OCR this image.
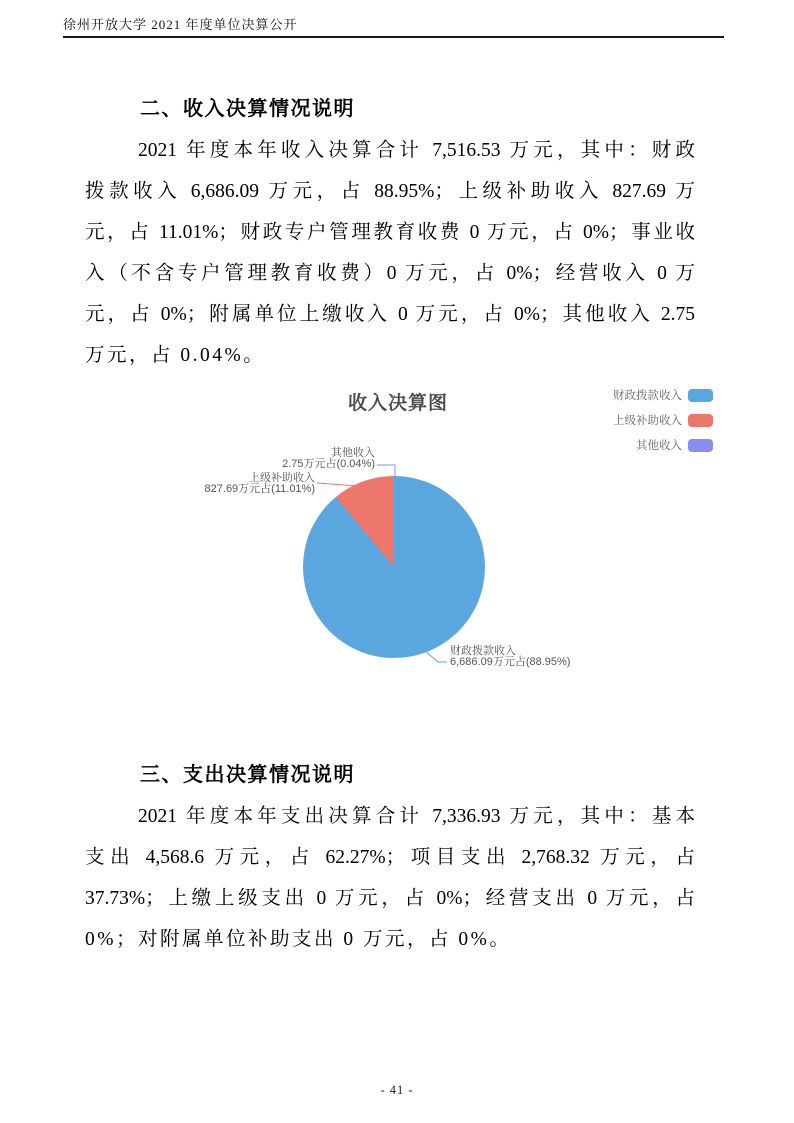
徐州开放大学 2021 年度单位决算公开
二、收入决算情况说明
2021 年度本年收入决算合计 7,516.53 万元，其中：财政
拨款收入 6,686.09 万元，占 88.95%；上级补助收入 827.69 万
元，占 11.01%；财政专户管理教育收费 0 万元，占 0%；事业收
入（不含专户管理教育收费）0 万元，占 0%；经营收入 0 万
元，占 0%；附属单位上缴收入 0 万元，占 0%；其他收入 2.75
万元，占 0.04%。
收入决算图	财政拨款收入
上级补助收入
其他收入
其他收入
2.75万元占(0.04%)
上级补助收入
827.69万元占(11.01%)
财政拨款收入
6,686.09万元占(88.95%)
三、支出决算情况说明
2021 年度本年支出决算合计 7,336.93 万元，其中：基本
支出 4,568.6 万元，占 62.27%；项目支出 2,768.32 万元，占
37.73%；上缴上级支出 0 万元，占 0%；经营支出 0 万元，占
0%；对附属单位补助支出 0 万元，占 0%。
- 41 -
